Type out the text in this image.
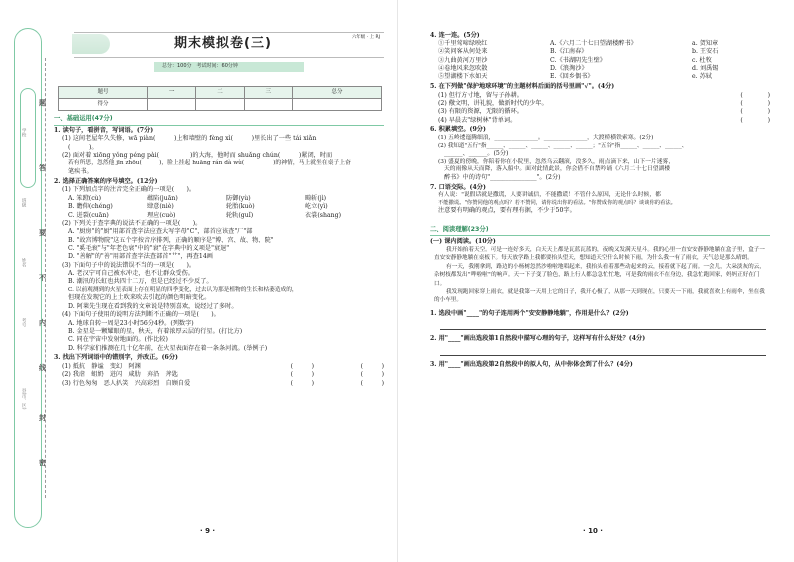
题
答
要
不
内
线
封
密
学校
班级
姓名
考号
县(市、区)
期末模拟卷(三)	六年级 · 上 RJ
总分：100分　考试时间：60分钟
题号	一	二	三	总分
得分				
一、基础运用(47分)
1. 读句子，看拼音，写词语。(7分)
(1) 这间老屋年久失修，wā piàn(　　　)上和墙壁的 fèng xì(　　　)里长出了一些 tái xiǎn
(　　　)。
(2) 面对着 xiōng yǒng péng pài(　　　　　)的大海，他时而 shuǎng chún(　　　)紧闭，时而
若有所思，忽然他 jīn zhōu(　　　)，脸上挂起 huāng rán dà wù(　　　　　)的神情，马上就坐在桌子上奋
笔疾书。
2. 选择正确答案的序号填空。(12分)
(1) 下列加点字的注音完全正确的一项是(　　)。
A. 笨蹬(cù)	蕴陷(juān)	防御(yù)	畸斩(jì)
B. 瞻仰(chéng)	肆意(niè)	轮胎(kuò)	屹立(yì)
C. 迸裂(cuān)	理应(cuò)	轮轨(guǐ)	衣裳(shang)
(2) 下列关于查字典的说法不正确的一项是(　　)。
A. "厨房"的"厨"用部首查字法应查大写字母"C"，部首应该查"厂"部
B. "故宫博物院"这五个字按音序排列，正确的顺序是"博、宫、故、物、院"
C. "奚毛衮"与"年老色衰"中的"衰"在字典中的义项是"衰退"
D. "善解"的"善"用部首查字法查部首"艹"，再查14画
(3) 下面句子中的说法错误不当的一项是(　　)。
A. 老汉宁可自己被水冲走，也不让群众受伤。
B. 潮汛的长虹也共四十二万，但是已经过不少反了。
C. 以前观测到的火星表面上存在明显的四季变化，过去认为那是植物的生长和枯萎造成的，
但现在发现它的上土吹来吹去引起的颜色明暗变化。
D. 阿莱先生现在看到我的文章说是特别喜欢，说经过了多时。
(4) 下面句子使用的说明方法判断不正确的一项是(　　)。
A. 地球自转一周是23小时56分4秒。(列数字)
B. 金星是一颗耀眼的星，秋天，有着浓厚云层的行星。(打比方)
C. 同在宇宙中发射地面的。(作比较)
D. 科学家们推测在几十亿年前，在火星表面存在着一条条河流。(举例子)
3. 找出下列词语中的错别字，并改正。(6分)
(1) 抵抗　静谧　变幻　阿渊	(　　　)	(　　　)
(2) 我虐　蛆奶　迸闪　咸肋　弃沿　斧匙	(　　　)	(　　　)
(3) 行色匆匆　恶人扒笑　兴高彩烈　自顾自爱	(　　　)	(　　　)
· 9 ·
4. 连一连。(5分)
①千里莺啼绿映红	A.《六月二十七日望湖楼醉书》	a. 贺知章
②笑问客从何处来	B.《江南春》	b. 王安石
③九曲黄河万里沙	C.《书湖阴先生壁》	c. 杜牧
④卷地风来忽吹散	D.《浪淘沙》	d. 刘禹锡
⑤望湖楼下水如天	E.《回乡偶书》	e. 苏轼
5. 在下列做"保护地球环境"的主题材料后面的括号里画"√"。(4分)
(1) 但行方寸地，留与子孙耕。	(　　　　)
(2) 儆文明，讲礼貌，做新时代的少年。	(　　　　)
(3) 有限的资源，无限的循环。	(　　　　)
(4) 早晨去"绿树林"背单词。	(　　　　)
6. 积累填空。(9分)
(1) 五岭逶迤腾细浪，_______________。_______________，大渡桥横铁索寒。(2分)
(2) 我知道"五行"指______、______、______、______、______；"五谷"指______、______、______、
______、______。(5分)
(3) 盛夏的傍晚，你陪着你在小院里，忽然乌云翻滚，没多久，雨点滴下来，山下一片迷雾，
天的雨像从天而降，落入船中。面对此情此景，你会借不自禁吟诵《六月二十七日望湖楼
醉书》中的诗句"_______________"。(2分)
7. 口语交际。(4分)
有人说："说假话就是撒谎，人要讲诚信，不能撒谎！不管什么原因，无论什么时候，都
不能撒谎。"你赞同他的观点吗？若不赞同，请你说出你的看法。"你赞成你的观点吗？谈谈你的看法。
注意要有明确的观点，要有理有据，不少于50字。
二、阅读理解(23分)
(一) 课内阅读。(10分)

我开始抬着天空。可是一连好多天，白天天上都是瓦蓝瓦蓝的，夜晚又发满天星斗。我的心里一直安安静静地躺在盒子里，盒子一直安安静静地躺在桌板下。每天放学路上我都要抬头望天，想知道天空什么时候下雨，为什么我一有了雨衣，天气总是那么晴朗。

有一天，我刚拿到，路边的小杨树忽然沙啦啦地唱起来，我抬头看着那些动起来的云，接着就下起了雨。一会儿，大朵淡灰的云，杂树枝都发出"哗啦啦"的响声。天一下子变了脸色，路上行人都急急忙忙地，可是我的雨衣不在身边，我急忙跑回家，妈妈正好在门口。

我发现跑回家穿上雨衣，就是我第一天用上它的日子，我开心极了，从那一天到现在，只要天一下雨，我就喜欢上有雨伞，坐在我的小车里。

1. 选段中画"____"的句子连用两个"安安静静地躺"，作用是什么？(2分)
2. 用"____"画出选段第1自然段中描写心理的句子，这样写有什么好处？(4分)
3. 用"____"画出选段第2自然段中的拟人句，从中你体会到了什么？(4分)
· 10 ·
